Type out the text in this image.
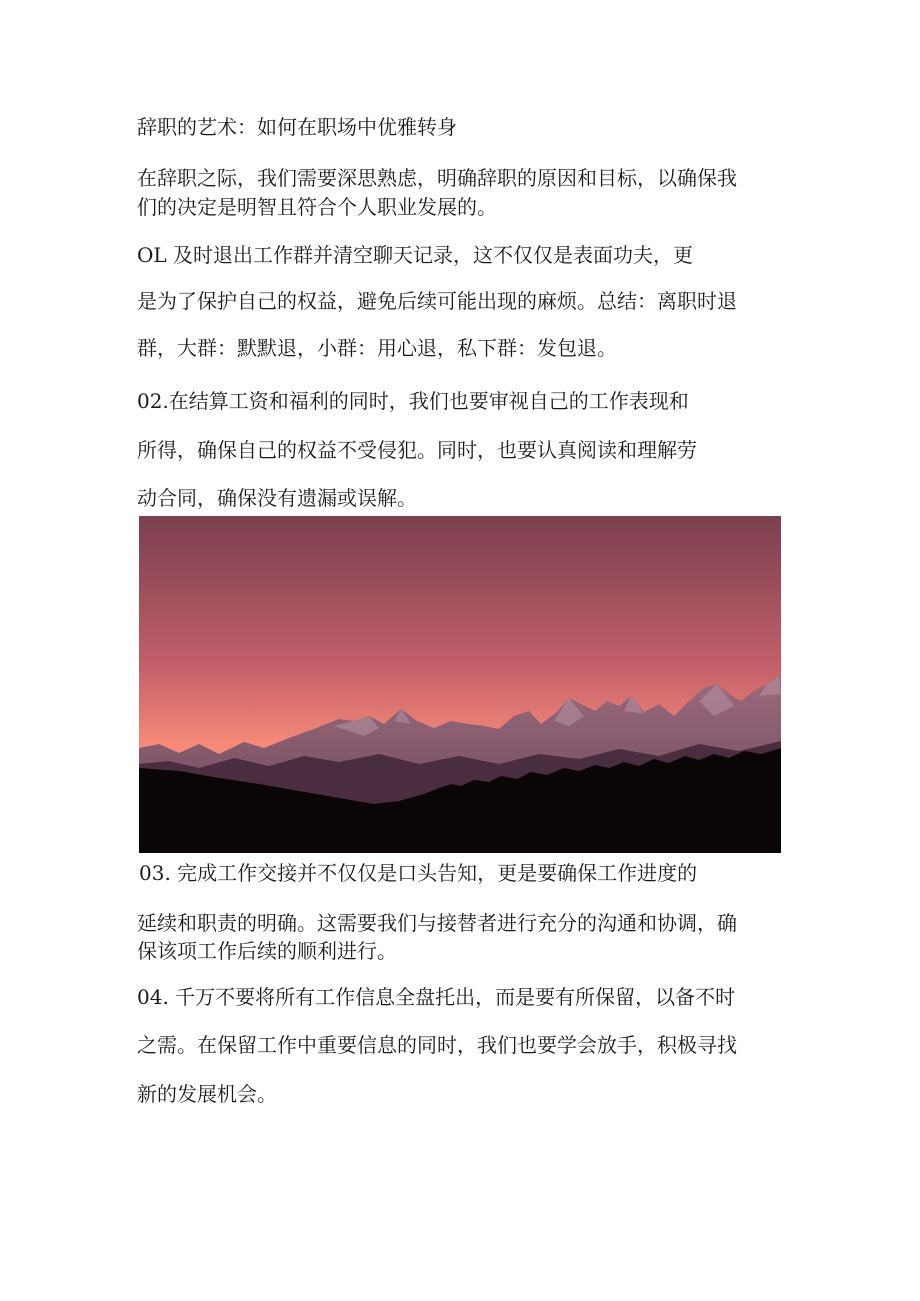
辞职的艺术：如何在职场中优雅转身

在辞职之际，我们需要深思熟虑，明确辞职的原因和目标，以确保我

们的决定是明智且符合个人职业发展的。

OL 及时退出工作群并清空聊天记录，这不仅仅是表面功夫，更

是为了保护自己的权益，避免后续可能出现的麻烦。总结：离职时退

群，大群：默默退，小群：用心退，私下群：发包退。

02.在结算工资和福利的同时，我们也要审视自己的工作表现和

所得，确保自己的权益不受侵犯。同时，也要认真阅读和理解劳

动合同，确保没有遗漏或误解。

03. 完成工作交接并不仅仅是口头告知，更是要确保工作进度的

延续和职责的明确。这需要我们与接替者进行充分的沟通和协调，确

保该项工作后续的顺利进行。

04. 千万不要将所有工作信息全盘托出，而是要有所保留，以备不时

之需。在保留工作中重要信息的同时，我们也要学会放手，积极寻找

新的发展机会。
